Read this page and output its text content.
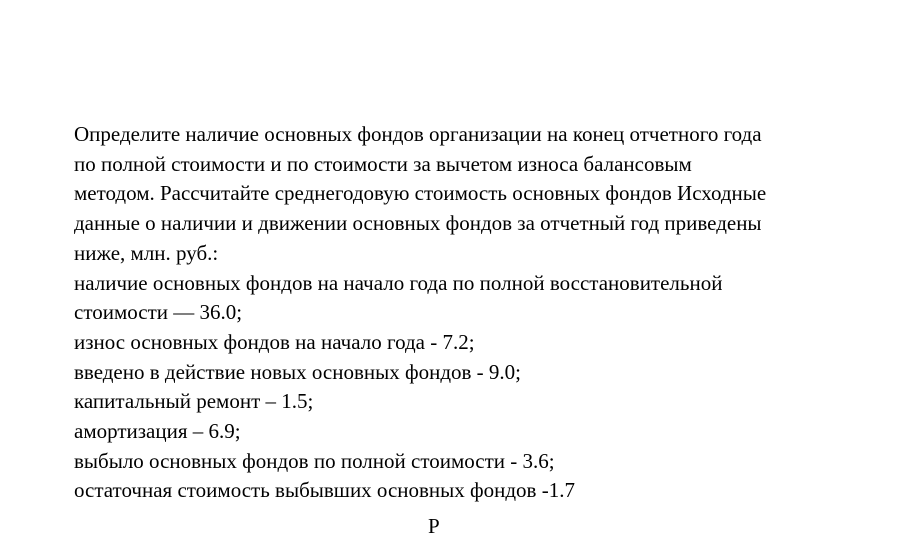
Определите наличие основных фондов организации на конец отчетного года
по полной стоимости и по стоимости за вычетом износа балансовым
методом. Рассчитайте среднегодовую стоимость основных фондов Исходные
данные о наличии и движении основных фондов за отчетный год приведены
ниже, млн. руб.:
наличие основных фондов на начало года по полной восстановительной
стоимости — 36.0;
износ основных фондов на начало года - 7.2;
введено в действие новых основных фондов - 9.0;
капитальный ремонт – 1.5;
амортизация – 6.9;
выбыло основных фондов по полной стоимости - 3.6;
остаточная стоимость выбывших основных фондов -1.7
Р
